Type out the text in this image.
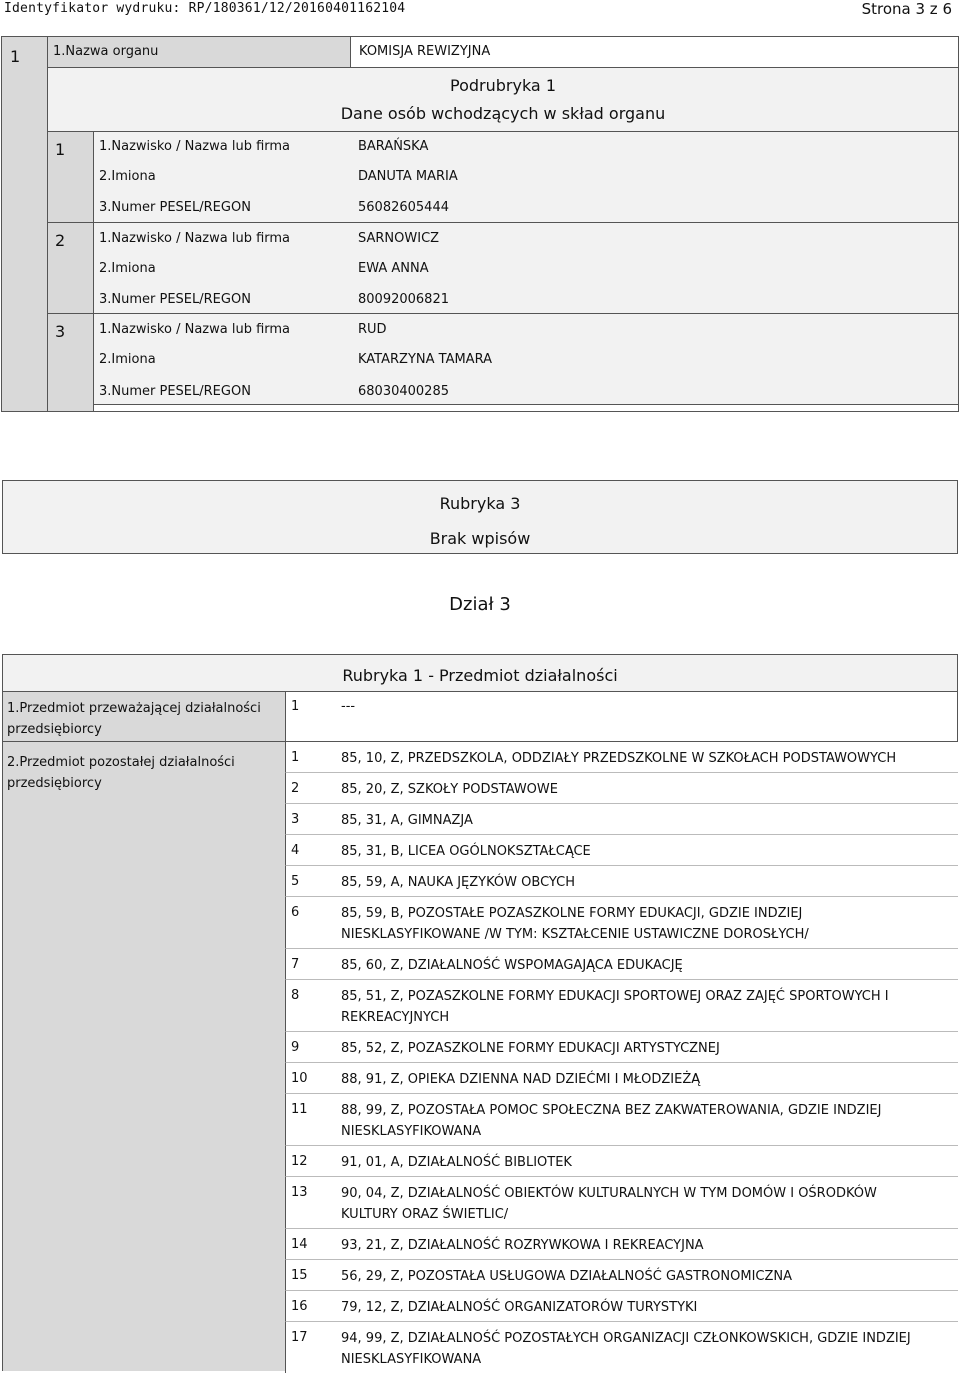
Identyfikator wydruku: RP/180361/12/20160401162104	Strona 3 z 6
1	1.Nazwa organu	KOMISJA REWIZYJNA
Podrubryka 1
Dane osób wchodzących w skład organu
1	1.Nazwisko / Nazwa lub firma	BARAŃSKA
2.Imiona	DANUTA MARIA
3.Numer PESEL/REGON	56082605444
2	1.Nazwisko / Nazwa lub firma	SARNOWICZ
2.Imiona	EWA ANNA
3.Numer PESEL/REGON	80092006821
3	1.Nazwisko / Nazwa lub firma	RUD
2.Imiona	KATARZYNA TAMARA
3.Numer PESEL/REGON	68030400285
Rubryka 3
Brak wpisów
Dział 3
Rubryka 1 - Przedmiot działalności
1.Przedmiot przeważającej działalności przedsiębiorcy
1	---
2.Przedmiot pozostałej działalności przedsiębiorcy
1	85, 10, Z, PRZEDSZKOLA, ODDZIAŁY PRZEDSZKOLNE W SZKOŁACH PODSTAWOWYCH
2	85, 20, Z, SZKOŁY PODSTAWOWE
3	85, 31, A, GIMNAZJA
4	85, 31, B, LICEA OGÓLNOKSZTAŁCĄCE
5	85, 59, A, NAUKA JĘZYKÓW OBCYCH
6	85, 59, B, POZOSTAŁE POZASZKOLNE FORMY EDUKACJI, GDZIE INDZIEJ NIESKLASYFIKOWANE /W TYM: KSZTAŁCENIE USTAWICZNE DOROSŁYCH/
7	85, 60, Z, DZIAŁALNOŚĆ WSPOMAGAJĄCA EDUKACJĘ
8	85, 51, Z, POZASZKOLNE FORMY EDUKACJI SPORTOWEJ ORAZ ZAJĘĆ SPORTOWYCH I REKREACYJNYCH
9	85, 52, Z, POZASZKOLNE FORMY EDUKACJI ARTYSTYCZNEJ
10	88, 91, Z, OPIEKA DZIENNA NAD DZIEĆMI I MŁODZIEŻĄ
11	88, 99, Z, POZOSTAŁA POMOC SPOŁECZNA BEZ ZAKWATEROWANIA, GDZIE INDZIEJ NIESKLASYFIKOWANA
12	91, 01, A, DZIAŁALNOŚĆ BIBLIOTEK
13	90, 04, Z, DZIAŁALNOŚĆ OBIEKTÓW KULTURALNYCH W TYM DOMÓW I OŚRODKÓW KULTURY ORAZ ŚWIETLIC/
14	93, 21, Z, DZIAŁALNOŚĆ ROZRYWKOWA I REKREACYJNA
15	56, 29, Z, POZOSTAŁA USŁUGOWA DZIAŁALNOŚĆ GASTRONOMICZNA
16	79, 12, Z, DZIAŁALNOŚĆ ORGANIZATORÓW TURYSTYKI
17	94, 99, Z, DZIAŁALNOŚĆ POZOSTAŁYCH ORGANIZACJI CZŁONKOWSKICH, GDZIE INDZIEJ NIESKLASYFIKOWANA
